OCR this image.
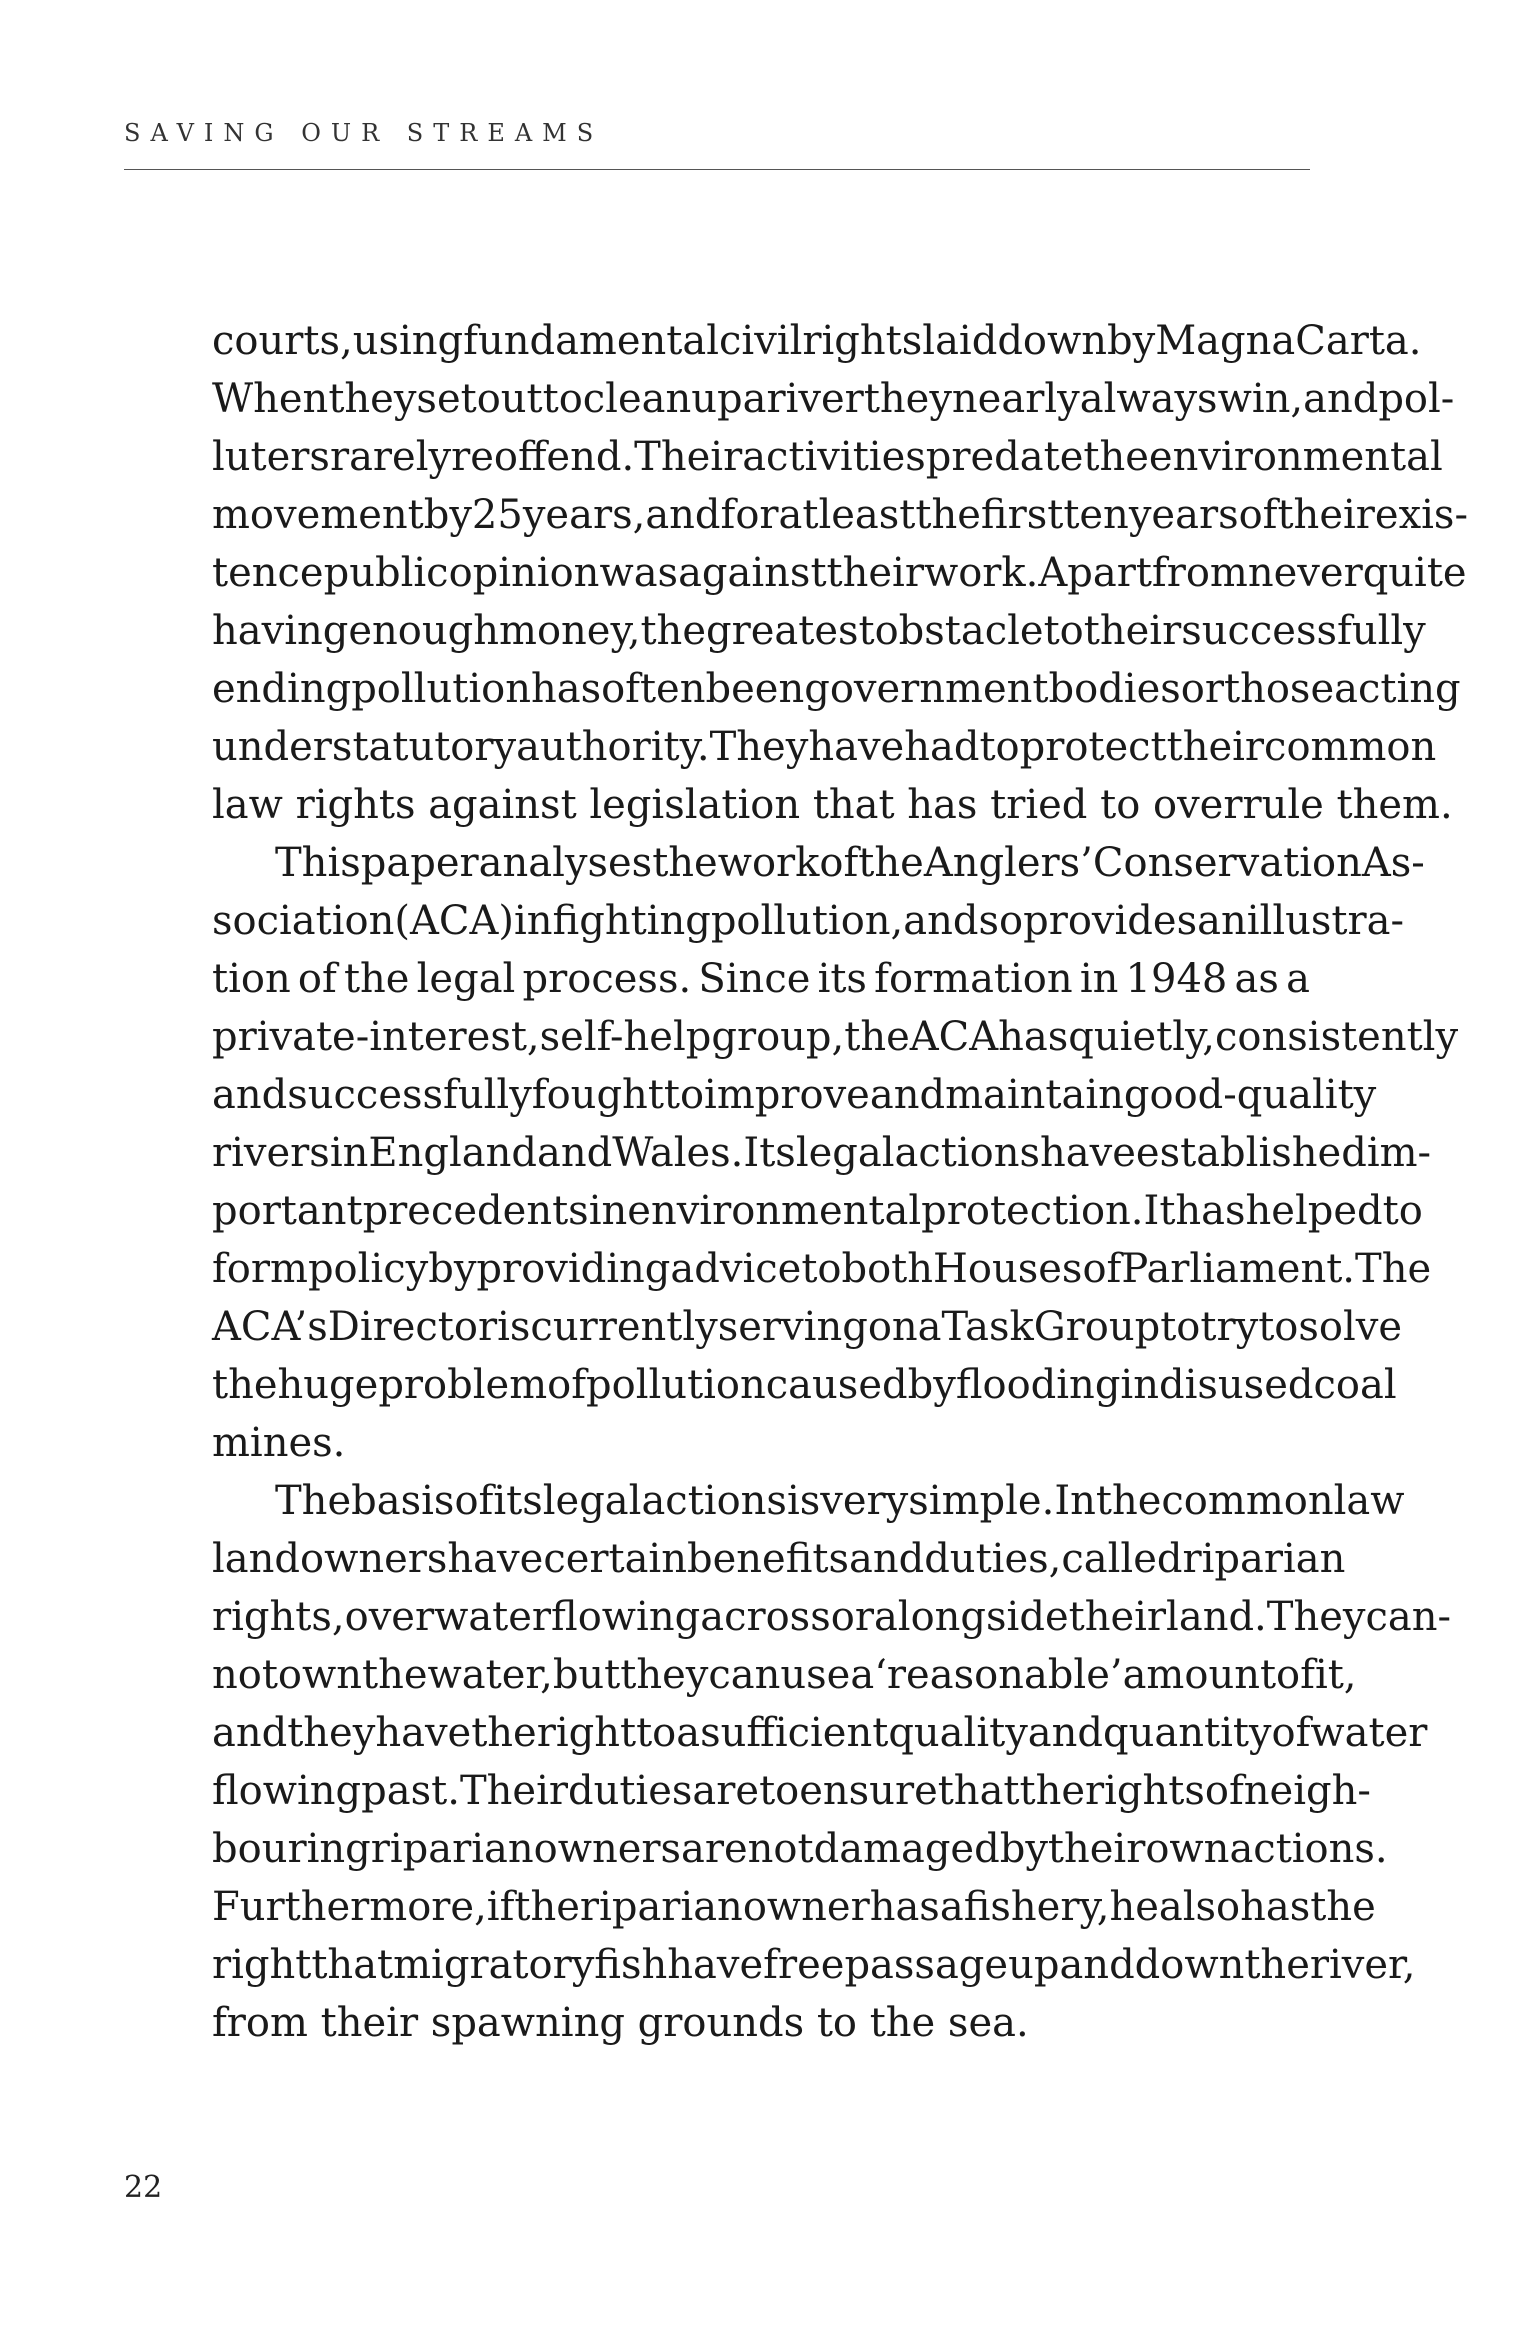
SAVING OUR STREAMS
courts, using fundamental civil rights laid down by Magna Carta.
When they set out to clean up a river they nearly always win, and pol-
luters rarely reoffend. Their activities predate the environmental
movement by 25 years, and for at least the first ten years of their exis-
tence public opinion was against their work. Apart from never quite
having enough money, the greatest obstacle to their successfully
ending pollution has often been government bodies or those acting
under statutory authority. They have had to protect their common
law rights against legislation that has tried to overrule them.
This paper analyses the work of the Anglers’ Conservation As-
sociation (ACA) in fighting pollution, and so provides an illustra-
tion of the legal process. Since its formation in 1948 as a
private-interest, self-help group, the ACA has quietly, consistently
and successfully fought to improve and maintain good-quality
rivers in England and Wales. Its legal actions have established im-
portant precedents in environmental protection. It has helped to
form policy by providing advice to both Houses of Parliament. The
ACA’s Director is currently serving on a Task Group to try to solve
the huge problem of pollution caused by flooding in disused coal
mines.
The basis of its legal actions is very simple. In the common law
landowners have certain benefits and duties, called riparian
rights, over water flowing across or alongside their land. They can-
not own the water, but they can use a ‘reasonable’ amount of it,
and they have the right to a sufficient quality and quantity of water
flowing past. Their duties are to ensure that the rights of neigh-
bouring riparian owners are not damaged by their own actions.
Furthermore, if the riparian owner has a fishery, he also has the
right that migratory fish have free passage up and down the river,
from their spawning grounds to the sea.
22
